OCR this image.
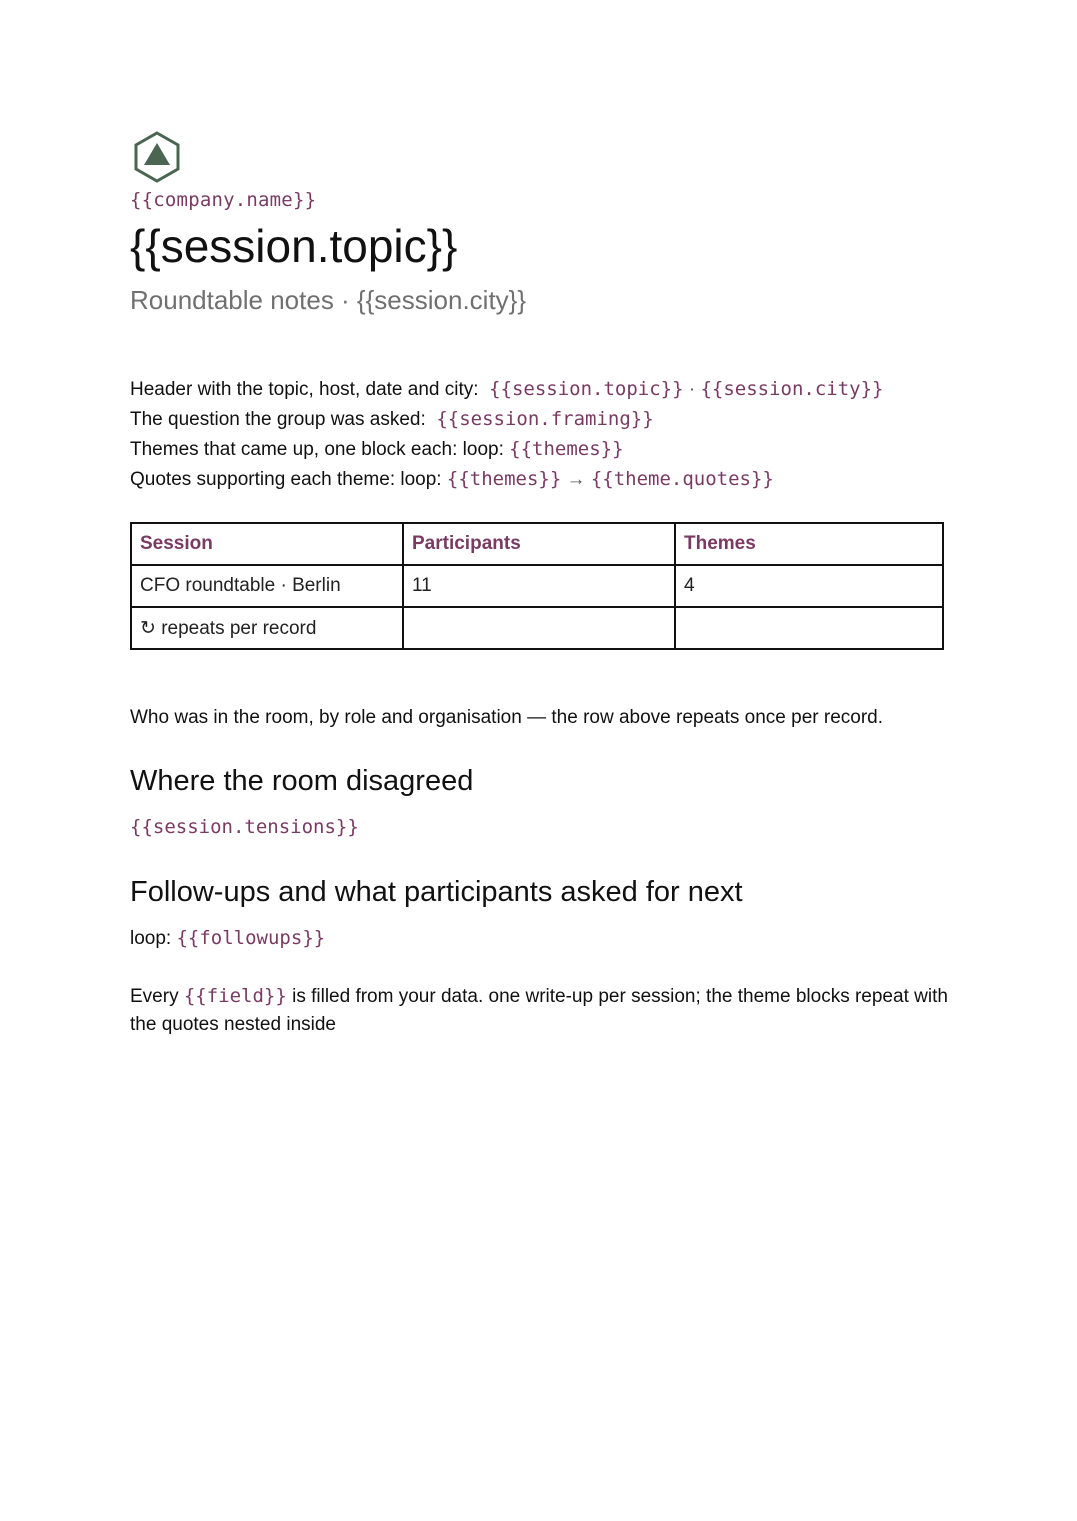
{{company.name}}
{{session.topic}}
Roundtable notes · {{session.city}}
Header with the topic, host, date and city: {{session.topic}} · {{session.city}}
The question the group was asked: {{session.framing}}
Themes that came up, one block each: loop: {{themes}}
Quotes supporting each theme: loop: {{themes}} → {{theme.quotes}}
Session	Participants	Themes
CFO roundtable · Berlin	11	4
↻ repeats per record		
Who was in the room, by role and organisation — the row above repeats once per record.
Where the room disagreed
{{session.tensions}}
Follow-ups and what participants asked for next
loop: {{followups}}
Every {{field}} is filled from your data. one write-up per session; the theme blocks repeat with the quotes nested inside
